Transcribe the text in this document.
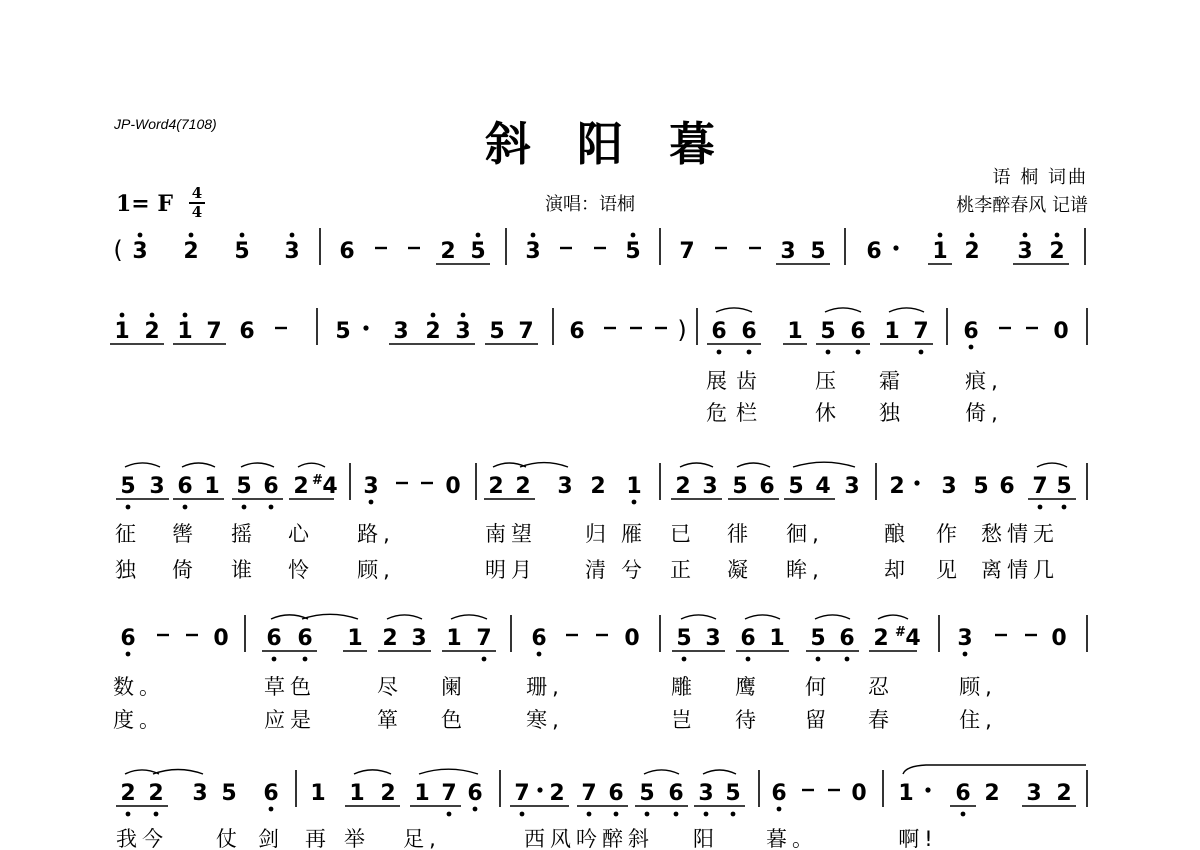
JP-Word4(7108)	斜阳暮
语 桐 词曲
桃李醉春风 记谱
演唱：语桐
1= F	4
4
( 3 2 5 3 6	2 5 3	5 7	3 5 6 1 2 3 2
1 2 1 7 6	5 3 2 3 5 7 6	) 6 6 1 5 6 1 7 6	0
展 齿	压 霜	痕,
危 栏	休 独	倚,
5 3 6 1 5 6 2 # 4 3	0 2 2 3 2 1 2 3 5 6 5 4 3 2 3 5 6 7 5
征 辔 摇 心 路,	南望 归 雁 已 徘 徊,	酿 作 愁情无
独 倚 谁 怜 顾,	明月 清 兮 正 凝 眸,	却 见 离情几
6	0 6 6 1 2 3 1 7 6	0 5 3 6 1 5 6 2 # 4 3	0
数。	草色	尽 阑	珊,	雕 鹰 何 忍	顾,
度。	应是	箪 色	寒,	岂 待 留 春	住,
2 2 3 5 6 1 1 2 1 7 6 7 2 7 6 5 6 3 5 6	0 1 6 2 3 2
我今 仗 剑 再 举 足,	西风吟醉斜 阳 暮。	啊!
